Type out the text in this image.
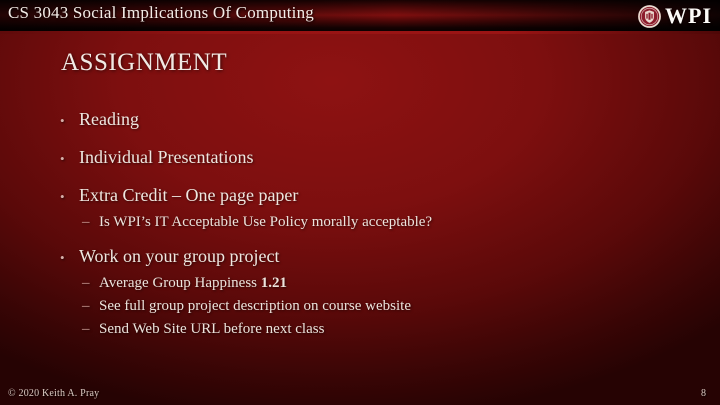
CS 3043 Social Implications Of Computing	WPI
ASSIGNMENT
• Reading
• Individual Presentations
• Extra Credit – One page paper
– Is WPI’s IT Acceptable Use Policy morally acceptable?
• Work on your group project
– Average Group Happiness 1.21
– See full group project description on course website
– Send Web Site URL before next class
© 2020 Keith A. Pray	8
